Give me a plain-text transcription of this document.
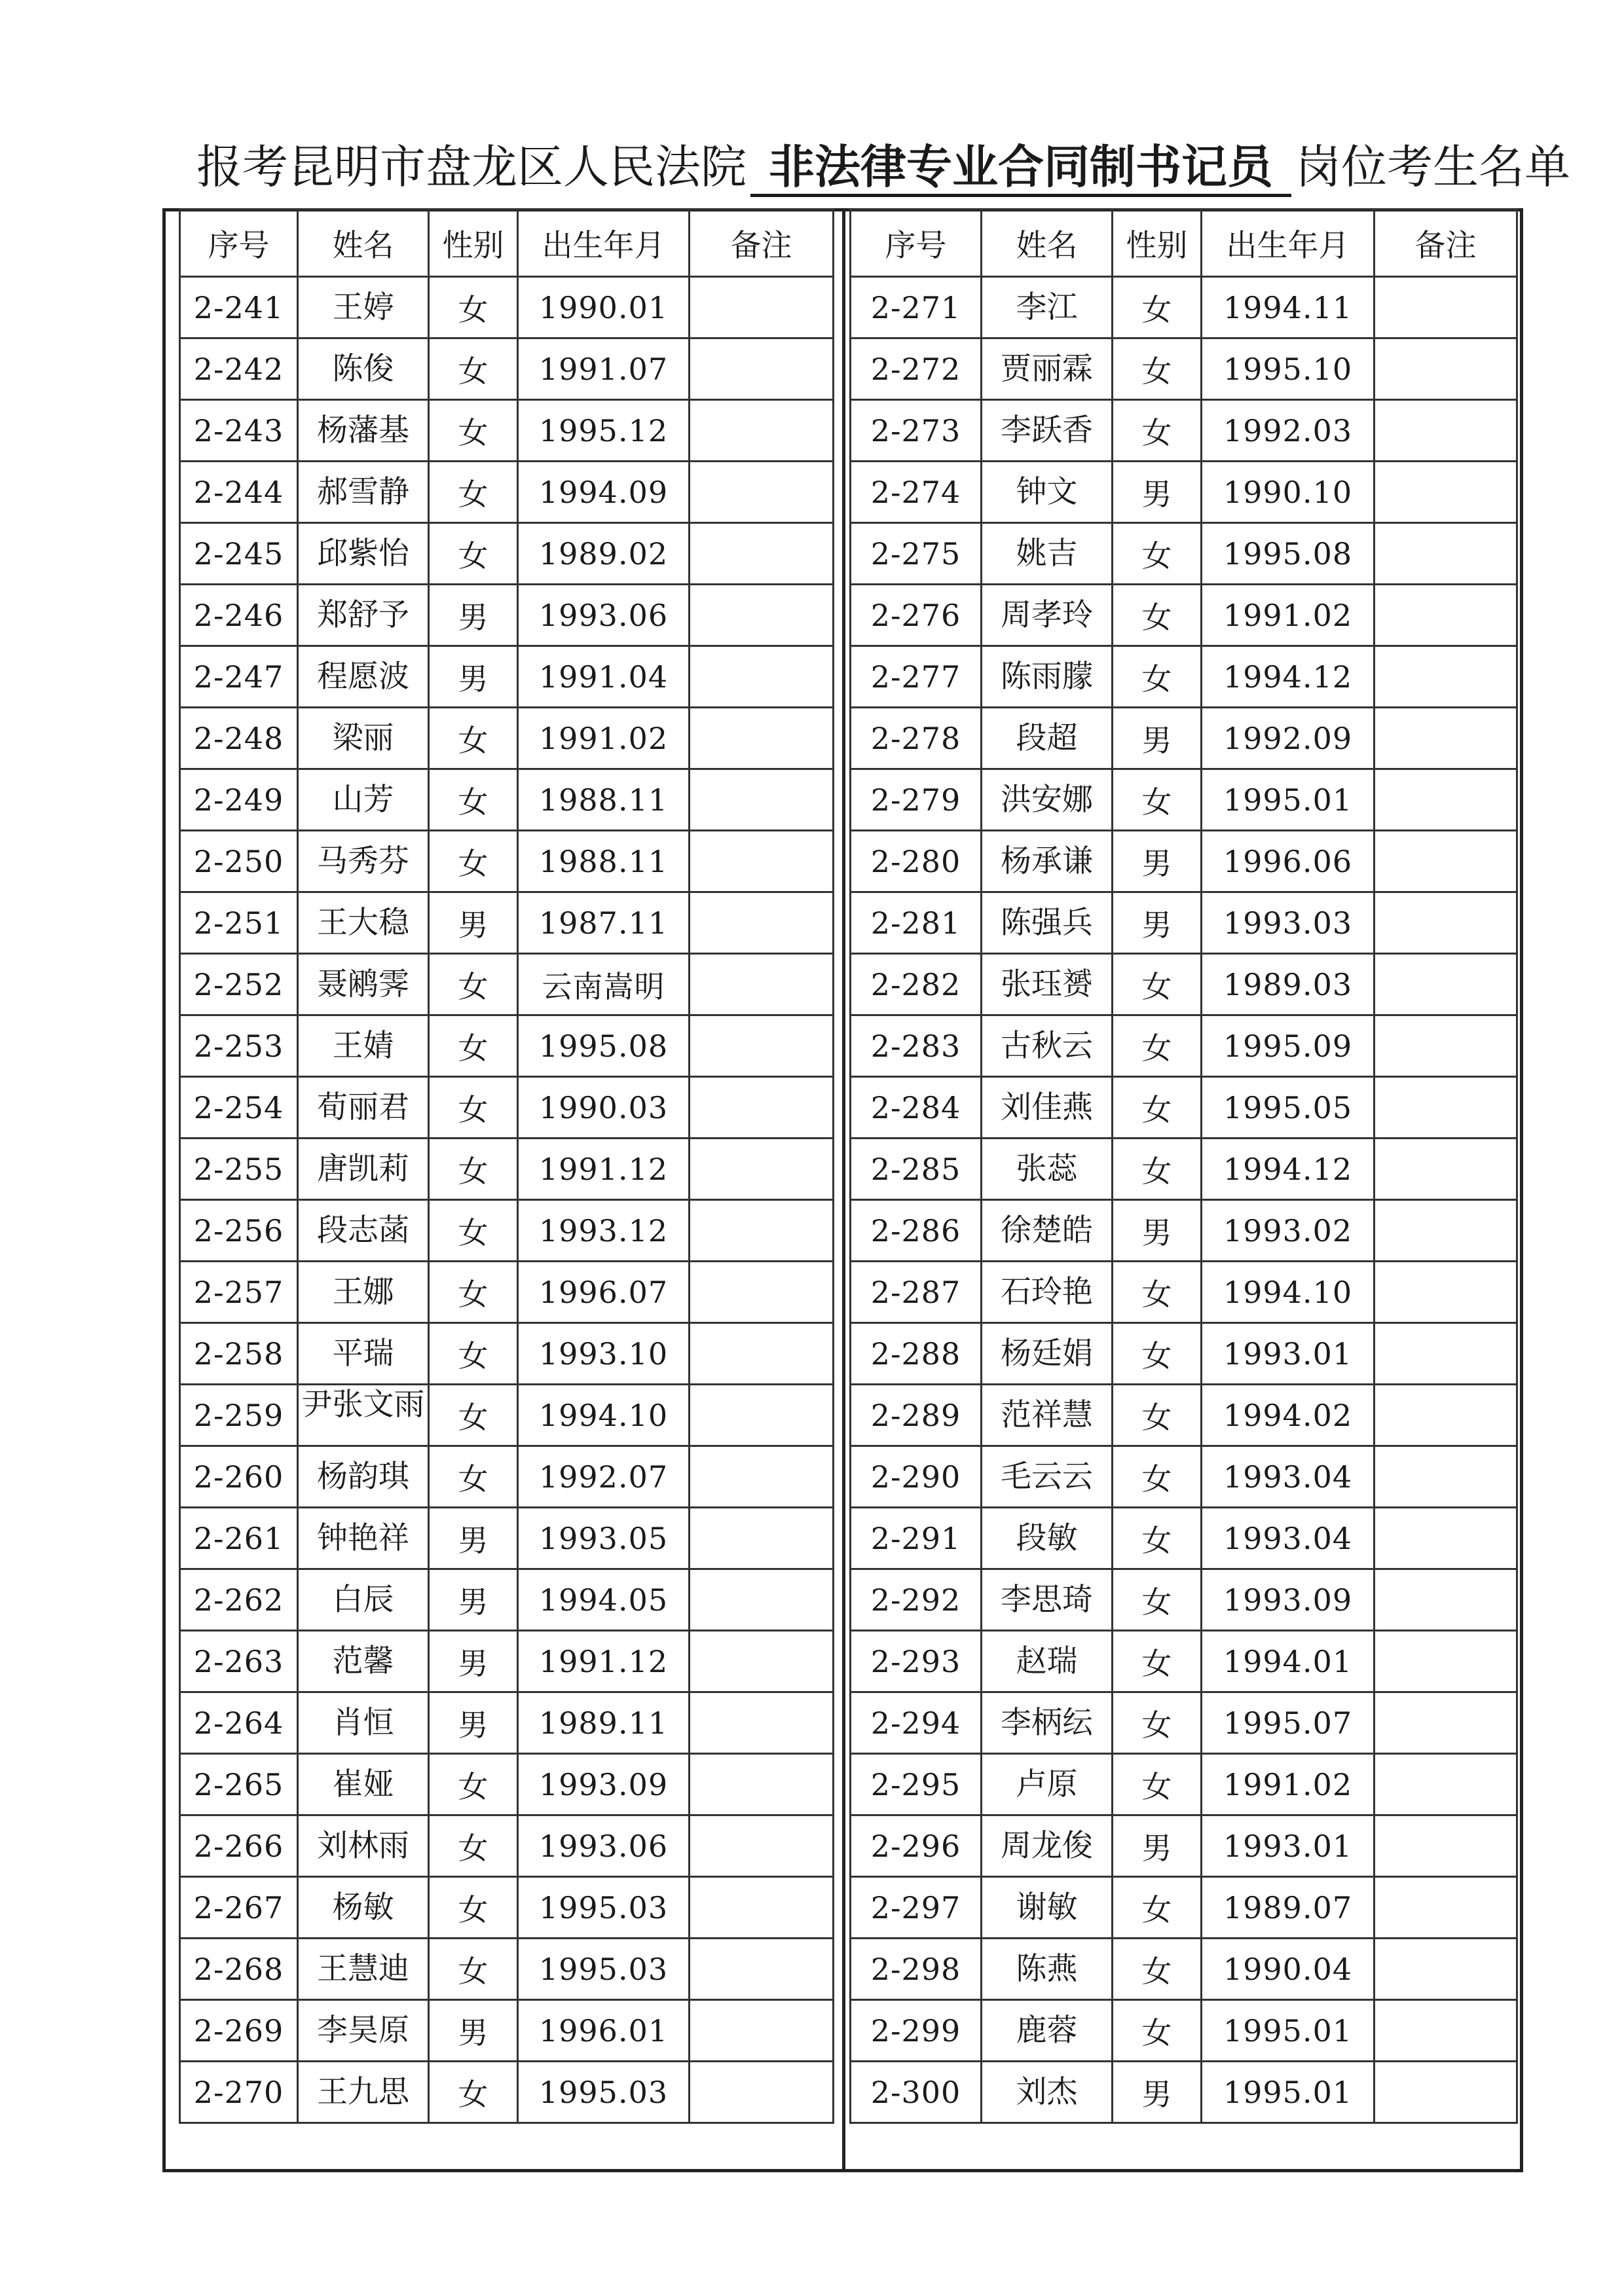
报考昆明市盘龙区人民法院 非法律专业合同制书记员 岗位考生名单
序号	姓名	性别	出生年月	备注
2-241	王婷	女	1990.01	
2-242	陈俊	女	1991.07	
2-243	杨藩基	女	1995.12	
2-244	郝雪静	女	1994.09	
2-245	邱紫怡	女	1989.02	
2-246	郑舒予	男	1993.06	
2-247	程愿波	男	1991.04	
2-248	梁丽	女	1991.02	
2-249	山芳	女	1988.11	
2-250	马秀芬	女	1988.11	
2-251	王大稳	男	1987.11	
2-252	聂鹇霁	女	云南嵩明	
2-253	王婧	女	1995.08	
2-254	荀丽君	女	1990.03	
2-255	唐凯莉	女	1991.12	
2-256	段志菡	女	1993.12	
2-257	王娜	女	1996.07	
2-258	平瑞	女	1993.10	
2-259	尹张文雨	女	1994.10	
2-260	杨韵琪	女	1992.07	
2-261	钟艳祥	男	1993.05	
2-262	白辰	男	1994.05	
2-263	范馨	男	1991.12	
2-264	肖恒	男	1989.11	
2-265	崔娅	女	1993.09	
2-266	刘林雨	女	1993.06	
2-267	杨敏	女	1995.03	
2-268	王慧迪	女	1995.03	
2-269	李昊原	男	1996.01	
2-270	王九思	女	1995.03	
序号	姓名	性别	出生年月	备注
2-271	李江	女	1994.11	
2-272	贾丽霖	女	1995.10	
2-273	李跃香	女	1992.03	
2-274	钟文	男	1990.10	
2-275	姚吉	女	1995.08	
2-276	周孝玲	女	1991.02	
2-277	陈雨朦	女	1994.12	
2-278	段超	男	1992.09	
2-279	洪安娜	女	1995.01	
2-280	杨承谦	男	1996.06	
2-281	陈强兵	男	1993.03	
2-282	张珏赟	女	1989.03	
2-283	古秋云	女	1995.09	
2-284	刘佳燕	女	1995.05	
2-285	张蕊	女	1994.12	
2-286	徐楚皓	男	1993.02	
2-287	石玲艳	女	1994.10	
2-288	杨廷娟	女	1993.01	
2-289	范祥慧	女	1994.02	
2-290	毛云云	女	1993.04	
2-291	段敏	女	1993.04	
2-292	李思琦	女	1993.09	
2-293	赵瑞	女	1994.01	
2-294	李柄纭	女	1995.07	
2-295	卢原	女	1991.02	
2-296	周龙俊	男	1993.01	
2-297	谢敏	女	1989.07	
2-298	陈燕	女	1990.04	
2-299	鹿蓉	女	1995.01	
2-300	刘杰	男	1995.01	
